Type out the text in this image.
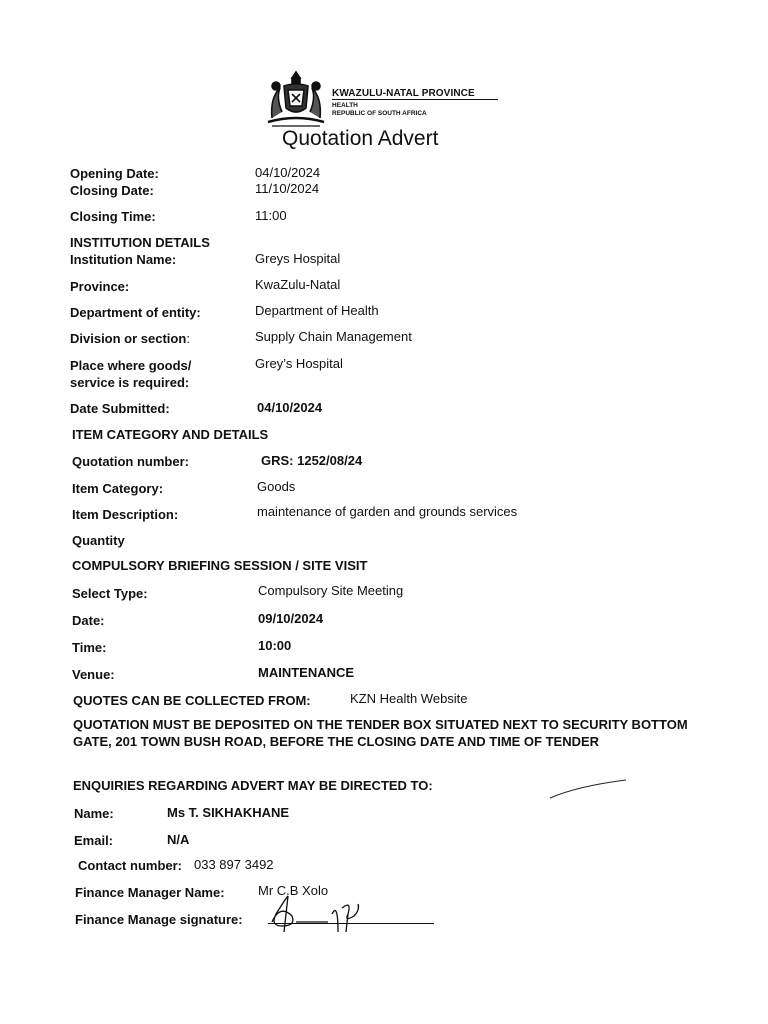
KWAZULU-NATAL PROVINCE
HEALTH
REPUBLIC OF SOUTH AFRICA
Quotation Advert
Opening Date:	04/10/2024
Closing Date:	11/10/2024
Closing Time:	11:00
INSTITUTION DETAILS
Institution Name:	Greys Hospital
Province:	KwaZulu-Natal
Department of entity:	Department of Health
Division or section:	Supply Chain Management
Place where goods/
service is required:
Grey’s Hospital
Date Submitted:	04/10/2024
ITEM CATEGORY AND DETAILS
Quotation number:	GRS: 1252/08/24
Item Category:	Goods
Item Description:	maintenance of garden and grounds services
Quantity
COMPULSORY BRIEFING SESSION / SITE VISIT
Select Type:	Compulsory Site Meeting
Date:	09/10/2024
Time:	10:00
Venue:	MAINTENANCE
QUOTES CAN BE COLLECTED FROM:	KZN Health Website
QUOTATION MUST BE DEPOSITED ON THE TENDER BOX SITUATED NEXT TO SECURITY BOTTOM GATE, 201 TOWN BUSH ROAD, BEFORE THE CLOSING DATE AND TIME OF TENDER
ENQUIRIES REGARDING ADVERT MAY BE DIRECTED TO:
Name:	Ms T. SIKHAKHANE
Email:	N/A
Contact number: 033 897 3492
Finance Manager Name:	Mr C.B Xolo
Finance Manage signature:
